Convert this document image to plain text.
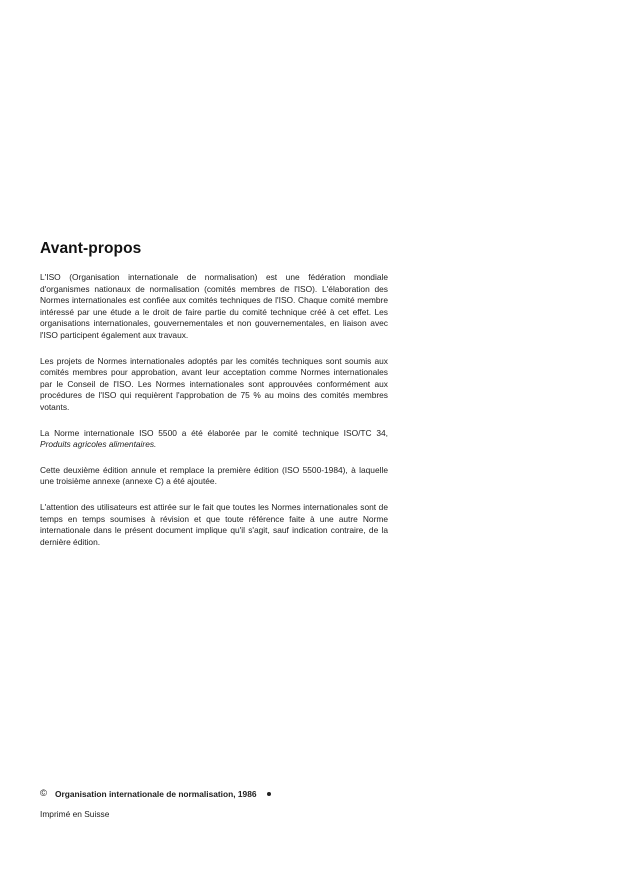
Avant-propos

L'ISO (Organisation internationale de normalisation) est une fédération mondiale d'organismes nationaux de normalisation (comités membres de l'ISO). L'élaboration des Normes internationales est confiée aux comités techniques de l'ISO. Chaque comité membre intéressé par une étude a le droit de faire partie du comité technique créé à cet effet. Les organisations internationales, gouvernementales et non gouvernementales, en liaison avec l'ISO participent également aux travaux.

Les projets de Normes internationales adoptés par les comités techniques sont soumis aux comités membres pour approbation, avant leur acceptation comme Normes internationales par le Conseil de l'ISO. Les Normes internationales sont approuvées conformément aux procédures de l'ISO qui requièrent l'approbation de 75 % au moins des comités membres votants.

La Norme internationale ISO 5500 a été élaborée par le comité technique ISO/TC 34, Produits agricoles alimentaires.

Cette deuxième édition annule et remplace la première édition (ISO 5500-1984), à laquelle une troisième annexe (annexe C) a été ajoutée.

L'attention des utilisateurs est attirée sur le fait que toutes les Normes internationales sont de temps en temps soumises à révision et que toute référence faite à une autre Norme internationale dans le présent document implique qu'il s'agit, sauf indication contraire, de la dernière édition.

© Organisation internationale de normalisation, 1986
Imprimé en Suisse
